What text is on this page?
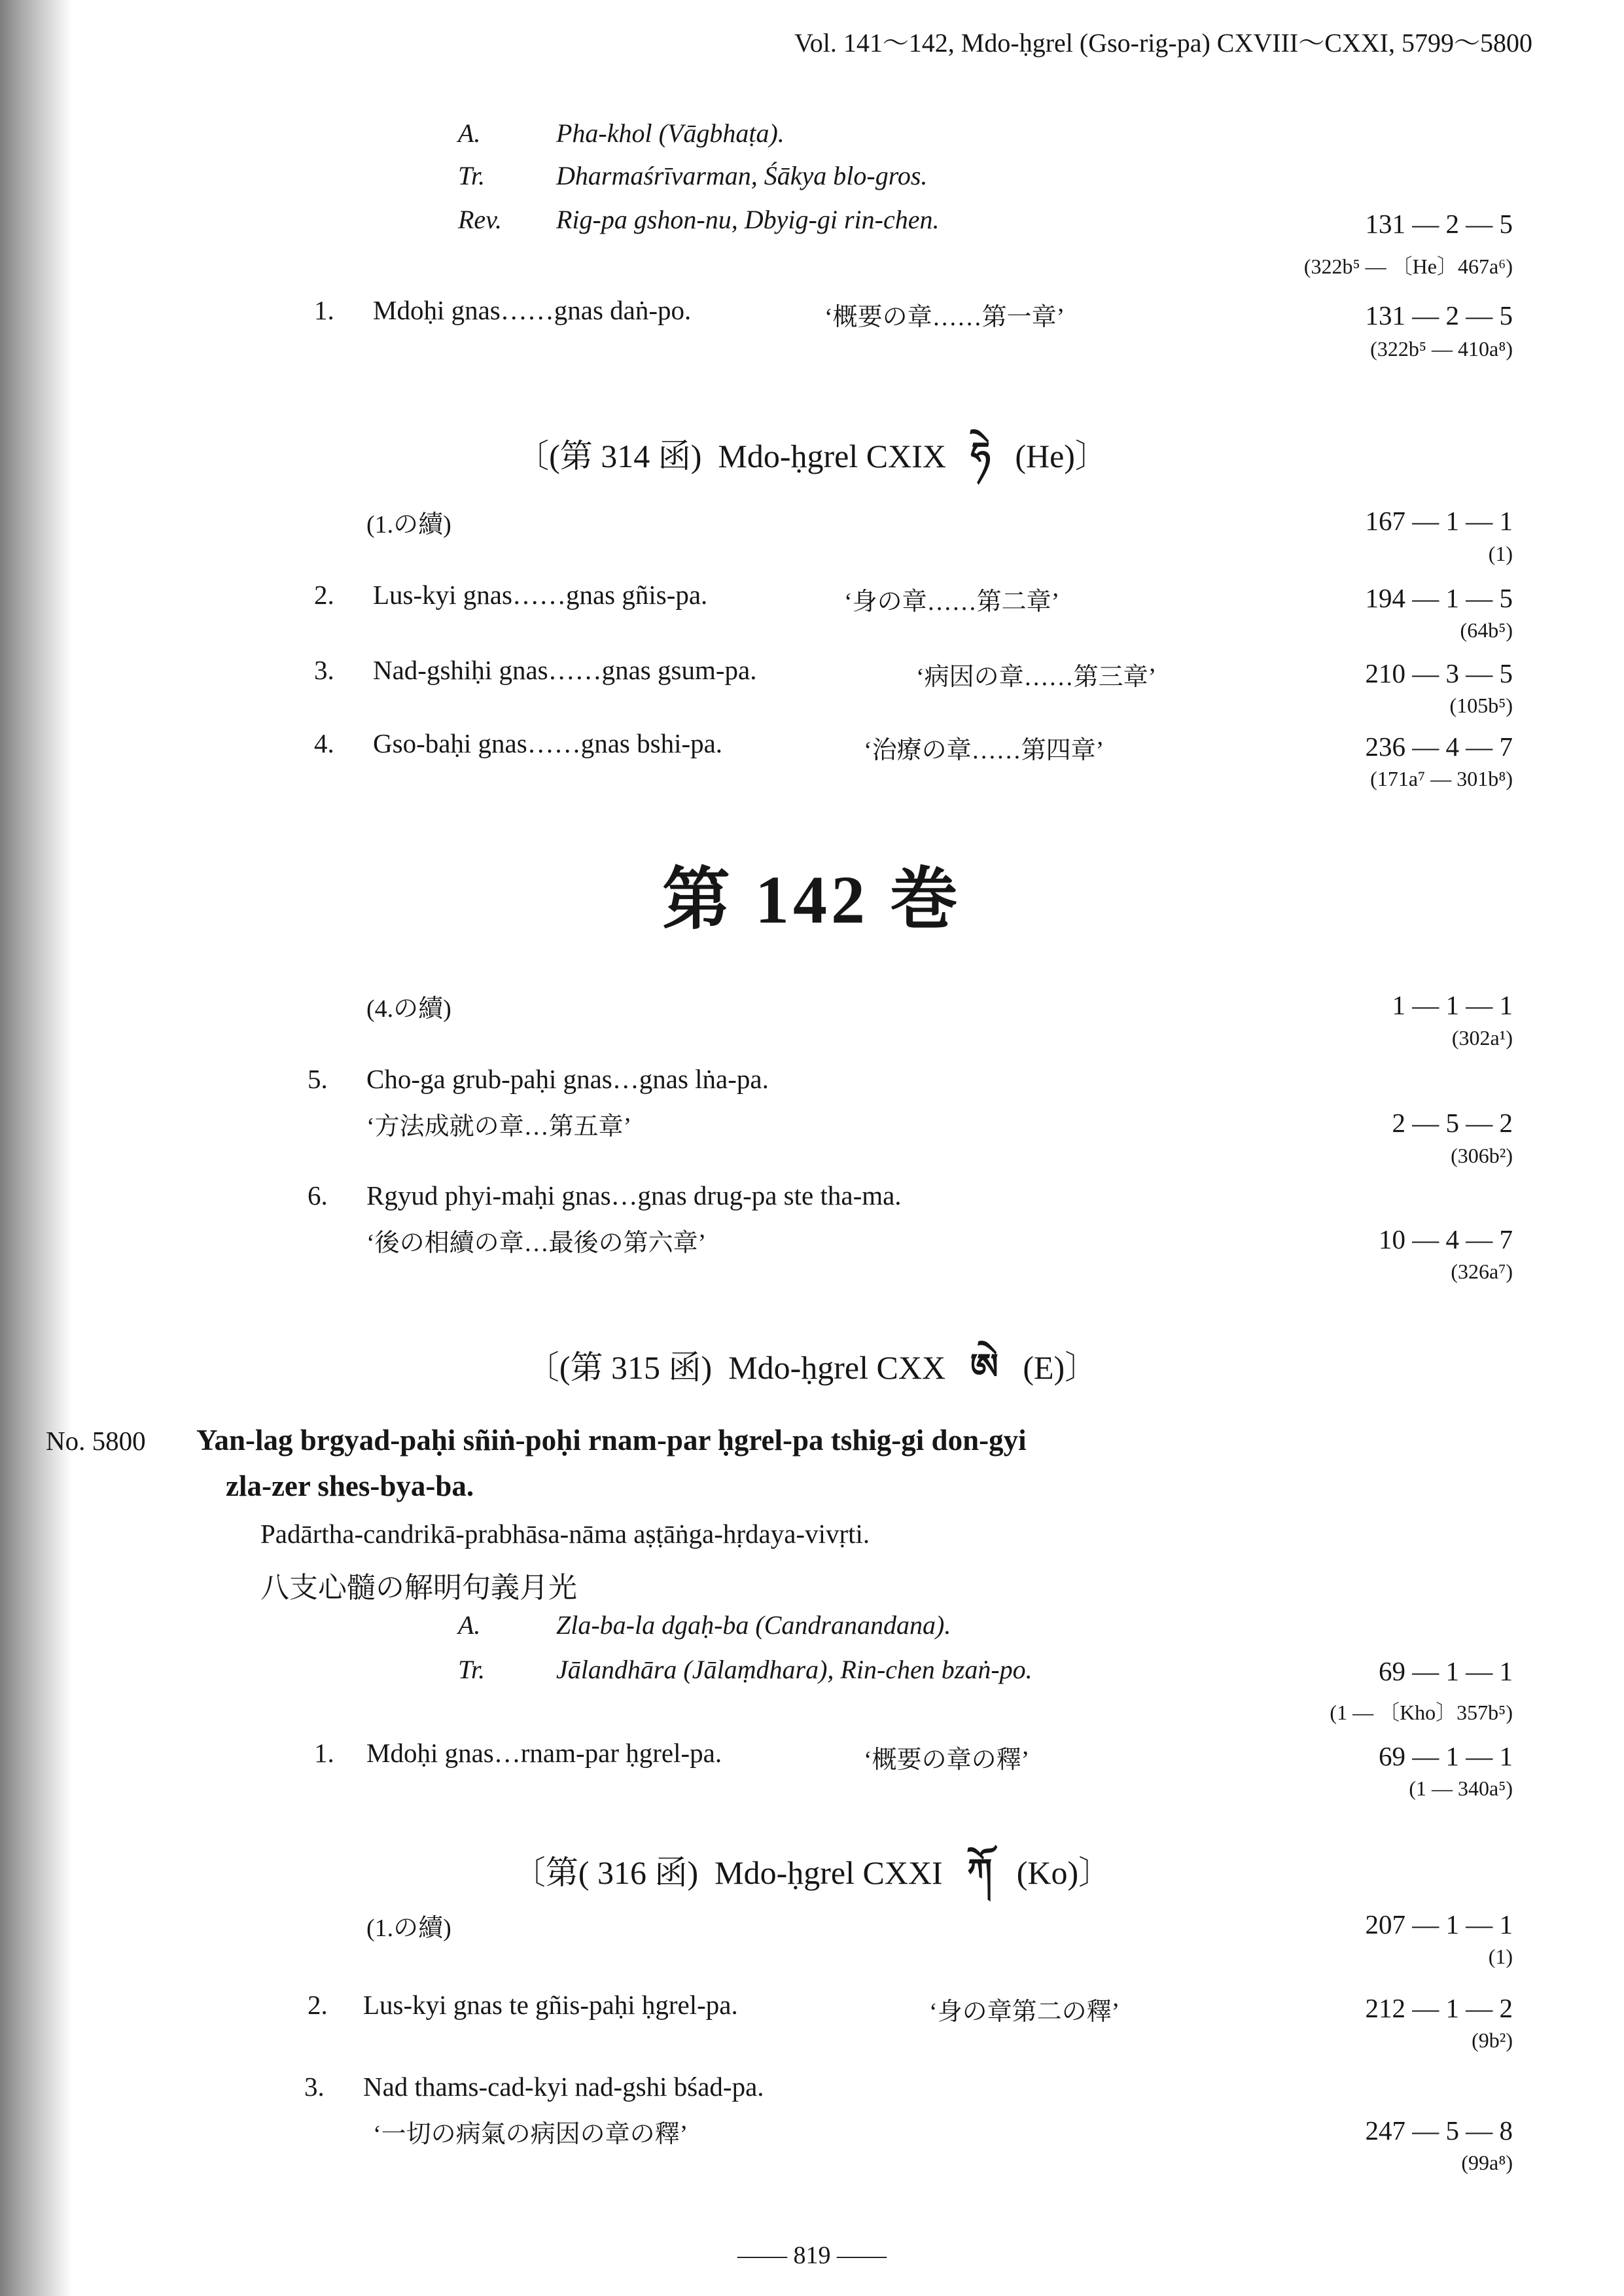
Vol. 141～142, Mdo-ḥgrel (Gso-rig-pa) CXVIII～CXXI, 5799～5800
A.	Pha-khol (Vāgbhaṭa).
Tr.	Dharmaśrīvarman, Śākya blo-gros.
Rev. Rig-pa gshon-nu, Dbyig-gi rin-chen.	131 — 2 — 5
(322b⁵ — 〔He〕467a⁶)
1. Mdoḥi gnas……gnas daṅ-po.	‘概要の章……第一章’	131 — 2 — 5
(322b⁵ — 410a⁸)
〔(第 314 函) Mdo-ḥgrel CXIX ཧེ (He)〕
(1.の續)	167 — 1 — 1
(1)
2. Lus-kyi gnas……gnas gñis-pa.	‘身の章……第二章’	194 — 1 — 5
(64b⁵)
3. Nad-gshiḥi gnas……gnas gsum-pa.	‘病因の章……第三章’	210 — 3 — 5
(105b⁵)
4. Gso-baḥi gnas……gnas bshi-pa.	‘治療の章……第四章’	236 — 4 — 7
(171a⁷ — 301b⁸)
第 142 巻
(4.の續)	1 — 1 — 1
(302a¹)
5. Cho-ga grub-paḥi gnas…gnas lṅa-pa.
‘方法成就の章…第五章’	2 — 5 — 2
(306b²)
6. Rgyud phyi-maḥi gnas…gnas drug-pa ste tha-ma.
‘後の相續の章…最後の第六章’	10 — 4 — 7
(326a⁷)
〔(第 315 函) Mdo-ḥgrel CXX ཨེ (E)〕
No. 5800 Yan-lag brgyad-paḥi sñiṅ-poḥi rnam-par ḥgrel-pa tshig-gi don-gyi
zla-zer shes-bya-ba.
Padārtha-candrikā-prabhāsa-nāma aṣṭāṅga-hṛdaya-vivṛti.
八支心髓の解明句義月光
A.	Zla-ba-la dgaḥ-ba (Candranandana).
Tr.	Jālandhāra (Jālaṃdhara), Rin-chen bzaṅ-po.	69 — 1 — 1
(1 — 〔Kho〕357b⁵)
1. Mdoḥi gnas…rnam-par ḥgrel-pa.	‘概要の章の釋’	69 — 1 — 1
(1 — 340a⁵)
〔第( 316 函) Mdo-ḥgrel CXXI ཀོ (Ko)〕
(1.の續)	207 — 1 — 1
(1)
2. Lus-kyi gnas te gñis-paḥi ḥgrel-pa.	‘身の章第二の釋’	212 — 1 — 2
(9b²)
3. Nad thams-cad-kyi nad-gshi bśad-pa.
‘一切の病氣の病因の章の釋’	247 — 5 — 8
(99a⁸)
—— 819 ——
